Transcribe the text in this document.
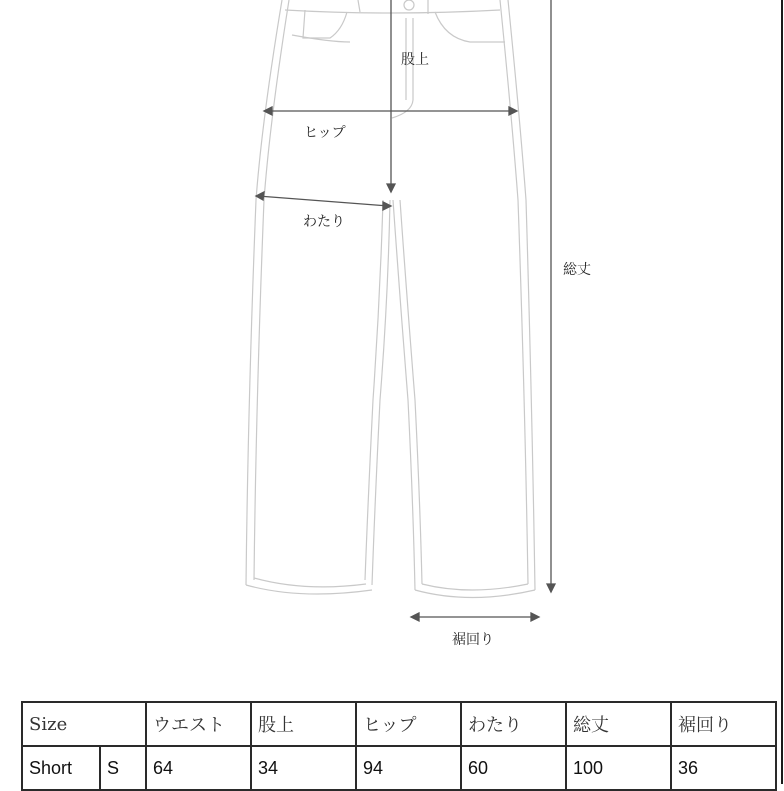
股上
ヒップ
わたり
総丈
裾回り
Size		ウエスト	股上	ヒップ	わたり	総丈	裾回り
Short	S	64	34	94	60	100	36
